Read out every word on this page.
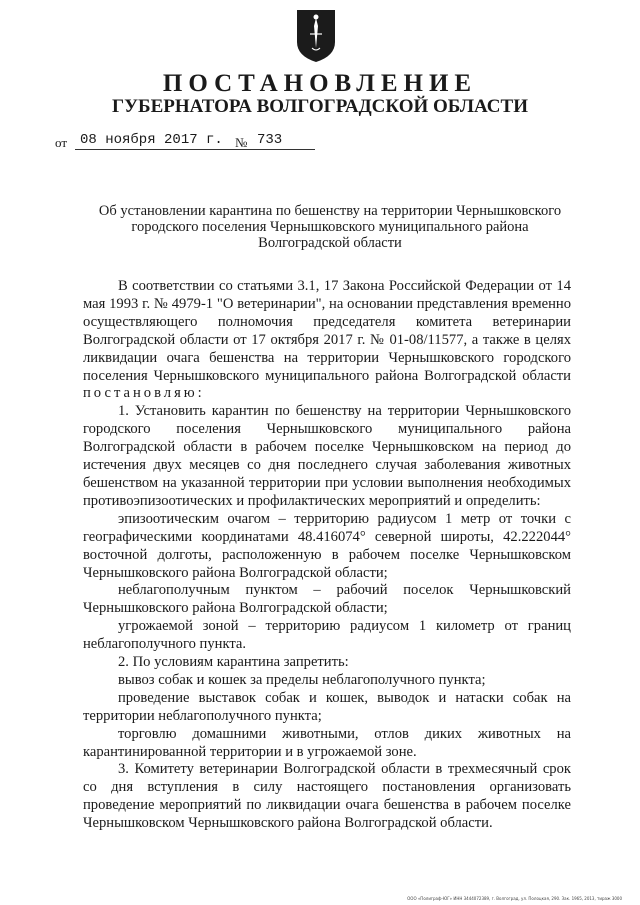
ПОСТАНОВЛЕНИЕ
ГУБЕРНАТОРА ВОЛГОГРАДСКОЙ ОБЛАСТИ
от 08 ноября 2017 г. № 733
Об установлении карантина по бешенству на территории Чернышковского городского поселения Чернышковского муниципального района Волгоградской области

В соответствии со статьями 3.1, 17 Закона Российской Федерации от 14 мая 1993 г. № 4979-1 "О ветеринарии", на основании представления временно осуществляющего полномочия председателя комитета ветеринарии Волгоградской области от 17 октября 2017 г. № 01-08/11577, а также в целях ликвидации очага бешенства на территории Чернышковского городского поселения Чернышковского муниципального района Волгоградской области постановляю:

1. Установить карантин по бешенству на территории Чернышковского городского поселения Чернышковского муниципального района Волгоградской области в рабочем поселке Чернышковском на период до истечения двух месяцев со дня последнего случая заболевания животных бешенством на указанной территории при условии выполнения необходимых противоэпизоотических и профилактических мероприятий и определить:

эпизоотическим очагом – территорию радиусом 1 метр от точки с географическими координатами 48.416074° северной широты, 42.222044° восточной долготы, расположенную в рабочем поселке Чернышковском Чернышковского района Волгоградской области;

неблагополучным пунктом – рабочий поселок Чернышковский Чернышковского района Волгоградской области;

угрожаемой зоной – территорию радиусом 1 километр от границ неблагополучного пункта.

2. По условиям карантина запретить:

вывоз собак и кошек за пределы неблагополучного пункта;

проведение выставок собак и кошек, выводок и натаски собак на территории неблагополучного пункта;

торговлю домашними животными, отлов диких животных на карантинированной территории и в угрожаемой зоне.

3. Комитету ветеринарии Волгоградской области в трехмесячный срок со дня вступления в силу настоящего постановления организовать проведение мероприятий по ликвидации очага бешенства в рабочем поселке Чернышковском Чернышковского района Волгоградской области.

ООО «Полиграф-ЮГ» ИНН 3444072389, г. Волгоград, ул. Полоцкая, 290. Зак. 1965, 2013, тираж 3000
